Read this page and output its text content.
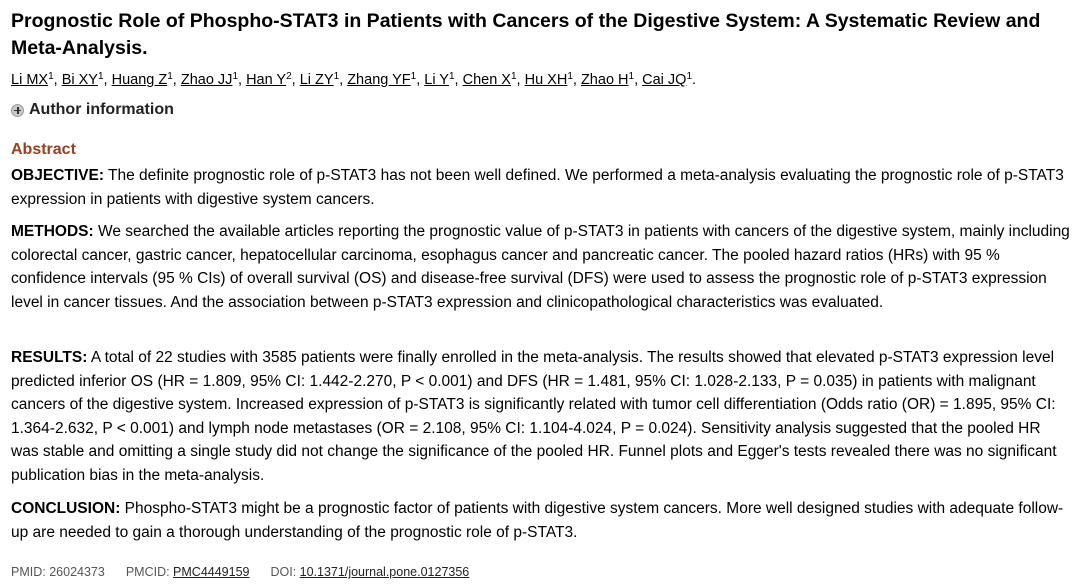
Prognostic Role of Phospho-STAT3 in Patients with Cancers of the Digestive System: A Systematic Review and Meta-Analysis.
Li $MX^1$, Bi $XY^1$, Huang $Z^1$, Zhao $JJ^1$, Han $Y^2$, Li $ZY^1$, Zhang $YF^1$, Li $Y^1$, Chen $X^1$, Hu $XH^1$, Zhao $H^1$, Cai $JQ^1$.
Author information
Abstract
OBJECTIVE: The definite prognostic role of p-STAT3 has not been well defined. We performed a meta-analysis evaluating the prognostic role of p-STAT3 expression in patients with digestive system cancers.
METHODS: We searched the available articles reporting the prognostic value of p-STAT3 in patients with cancers of the digestive system, mainly including colorectal cancer, gastric cancer, hepatocellular carcinoma, esophagus cancer and pancreatic cancer. The pooled hazard ratios (HRs) with 95 % confidence intervals (95 % CIs) of overall survival (OS) and disease-free survival (DFS) were used to assess the prognostic role of p-STAT3 expression level in cancer tissues. And the association between p-STAT3 expression and clinicopathological characteristics was evaluated.
RESULTS: A total of 22 studies with 3585 patients were finally enrolled in the meta-analysis. The results showed that elevated p-STAT3 expression level predicted inferior OS (HR = 1.809, 95% CI: 1.442-2.270, P < 0.001) and DFS (HR = 1.481, 95% CI: 1.028-2.133, P = 0.035) in patients with malignant cancers of the digestive system. Increased expression of p-STAT3 is significantly related with tumor cell differentiation (Odds ratio (OR) = 1.895, 95% CI: 1.364-2.632, P < 0.001) and lymph node metastases (OR = 2.108, 95% CI: 1.104-4.024, P = 0.024). Sensitivity analysis suggested that the pooled HR was stable and omitting a single study did not change the significance of the pooled HR. Funnel plots and Egger's tests revealed there was no significant publication bias in the meta-analysis.
CONCLUSION: Phospho-STAT3 might be a prognostic factor of patients with digestive system cancers. More well designed studies with adequate follow-up are needed to gain a thorough understanding of the prognostic role of p-STAT3.
PMID: 26024373 PMCID: PMC4449159 DOI: 10.1371/journal.pone.0127356
